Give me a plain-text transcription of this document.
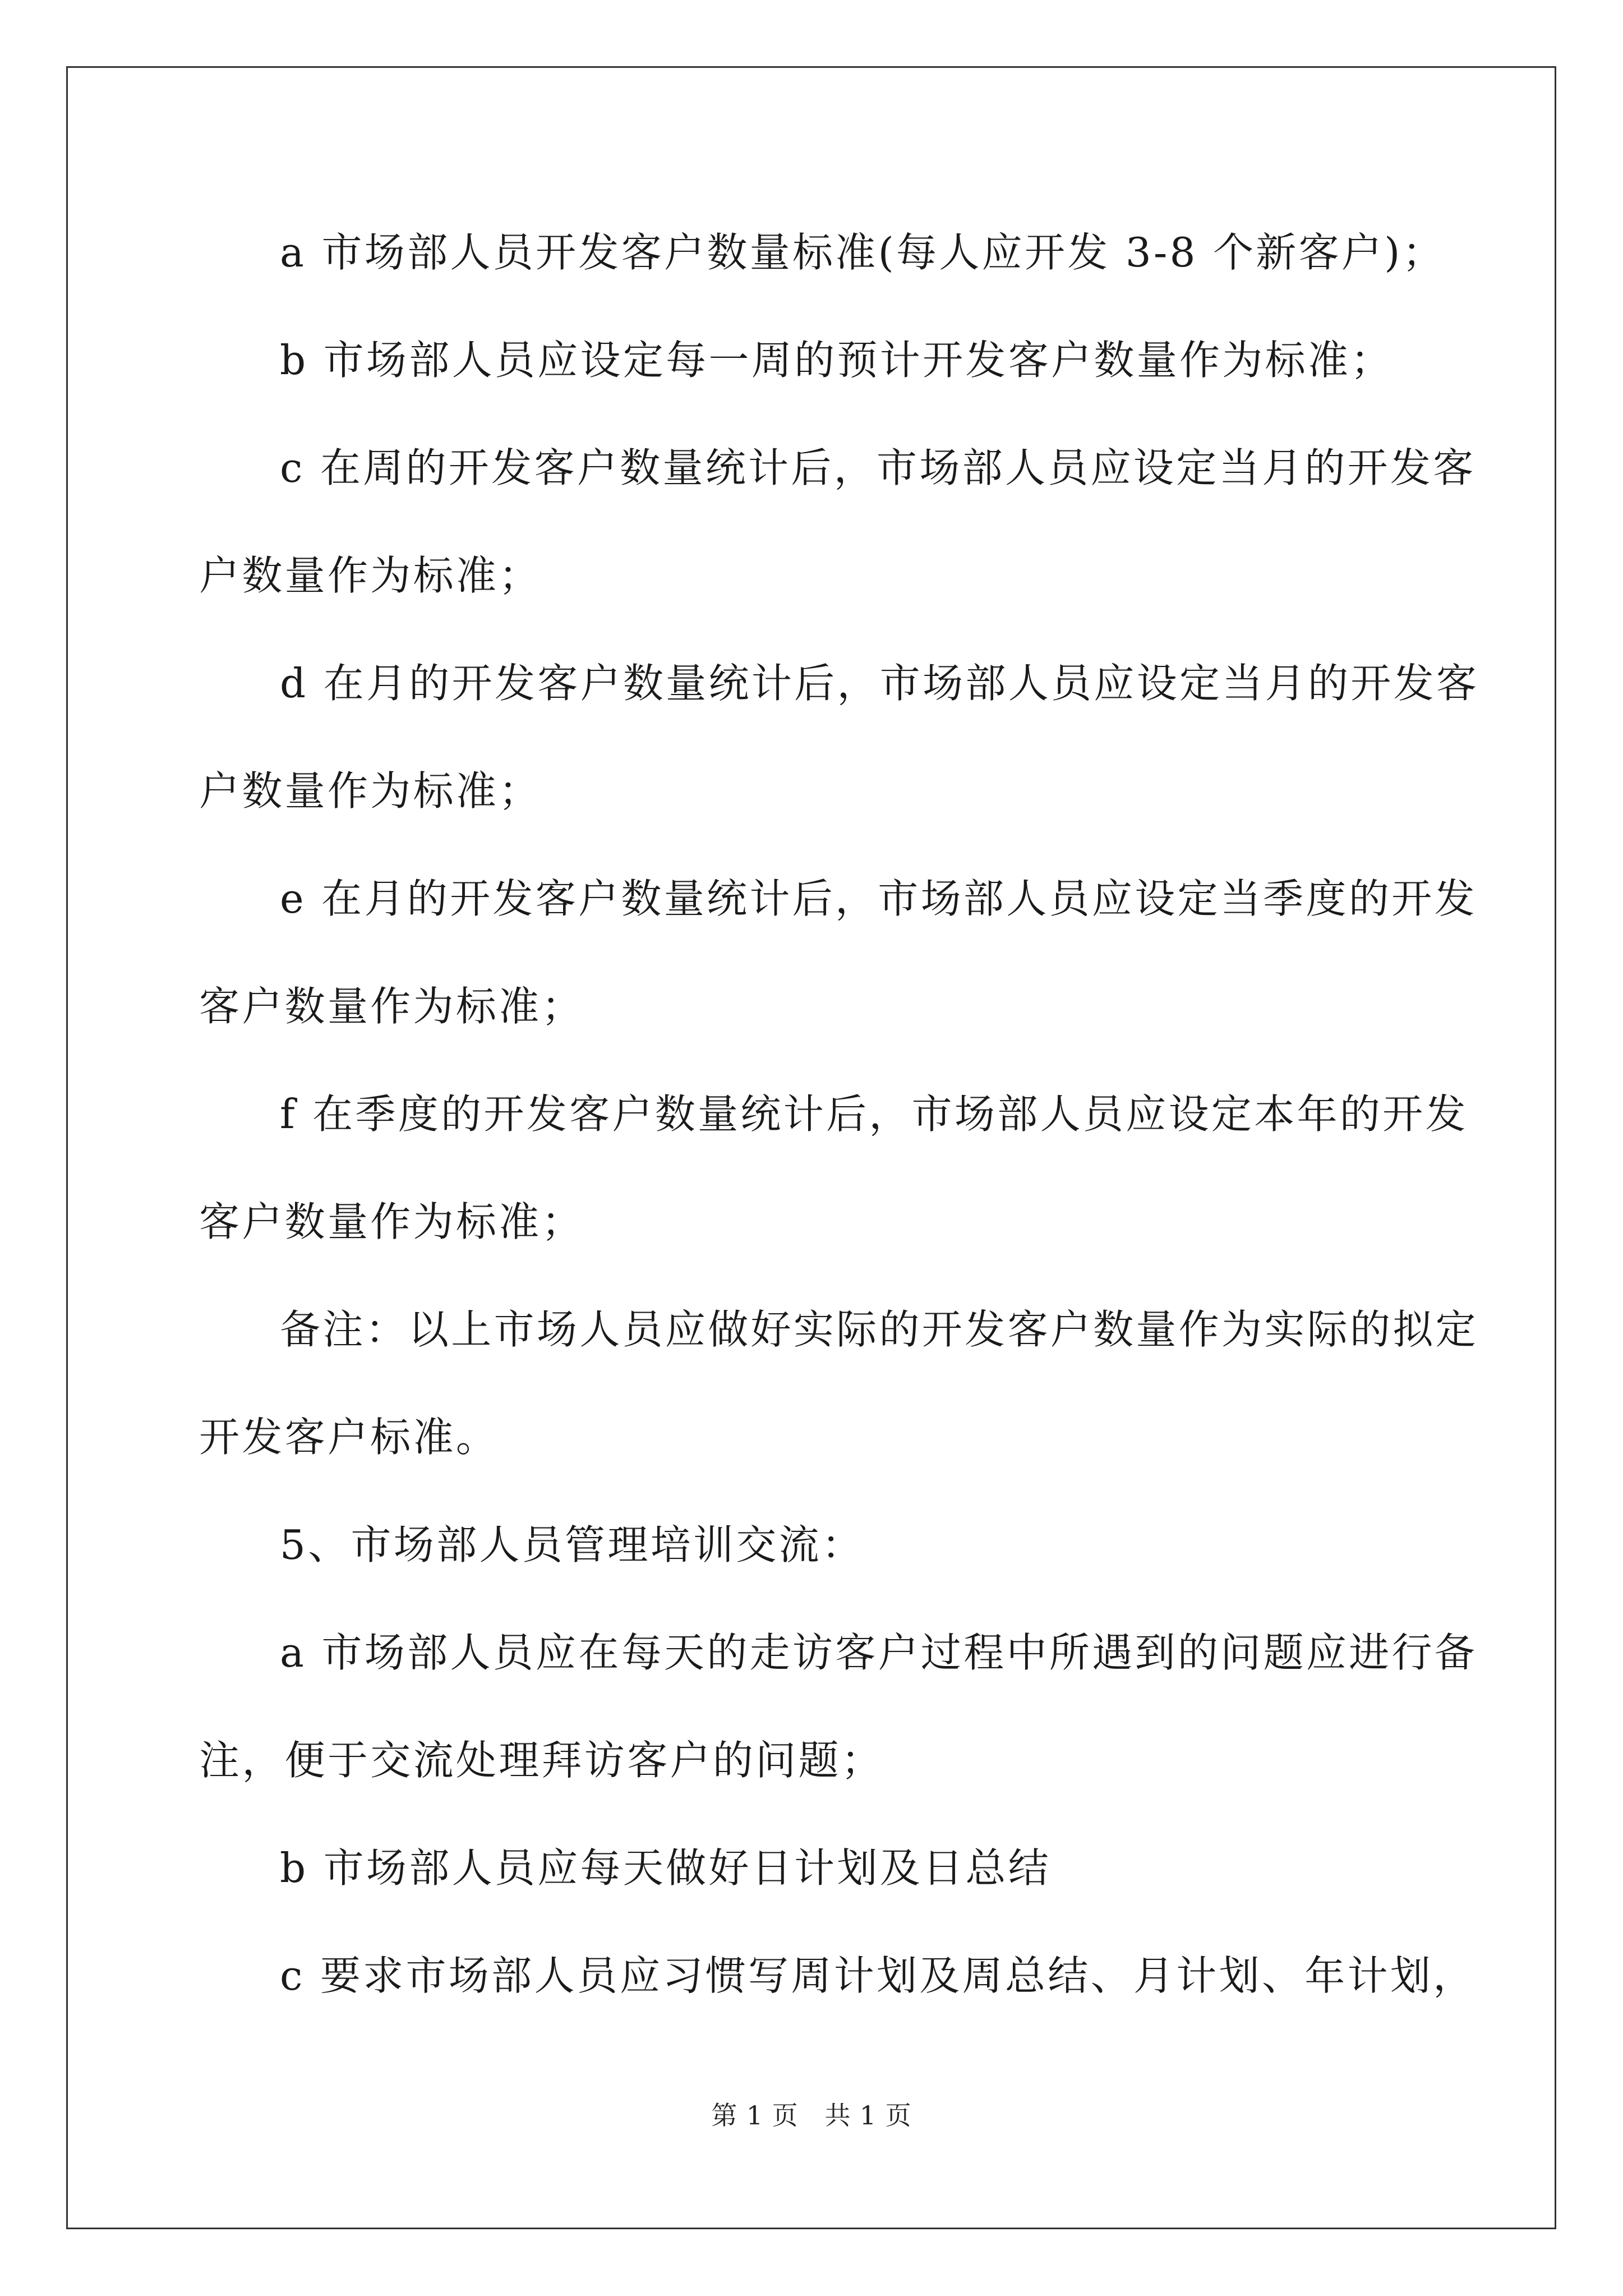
a 市场部人员开发客户数量标准(每人应开发 3-8 个新客户)；
b 市场部人员应设定每一周的预计开发客户数量作为标准；
c 在周的开发客户数量统计后，市场部人员应设定当月的开发客
户数量作为标准；
d 在月的开发客户数量统计后，市场部人员应设定当月的开发客
户数量作为标准；
e 在月的开发客户数量统计后，市场部人员应设定当季度的开发
客户数量作为标准；
f 在季度的开发客户数量统计后，市场部人员应设定本年的开发
客户数量作为标准；
备注：以上市场人员应做好实际的开发客户数量作为实际的拟定
开发客户标准。
5、市场部人员管理培训交流：
a 市场部人员应在每天的走访客户过程中所遇到的问题应进行备
注，便于交流处理拜访客户的问题；
b 市场部人员应每天做好日计划及日总结
c 要求市场部人员应习惯写周计划及周总结、月计划、年计划，
第 1 页　共 1 页
